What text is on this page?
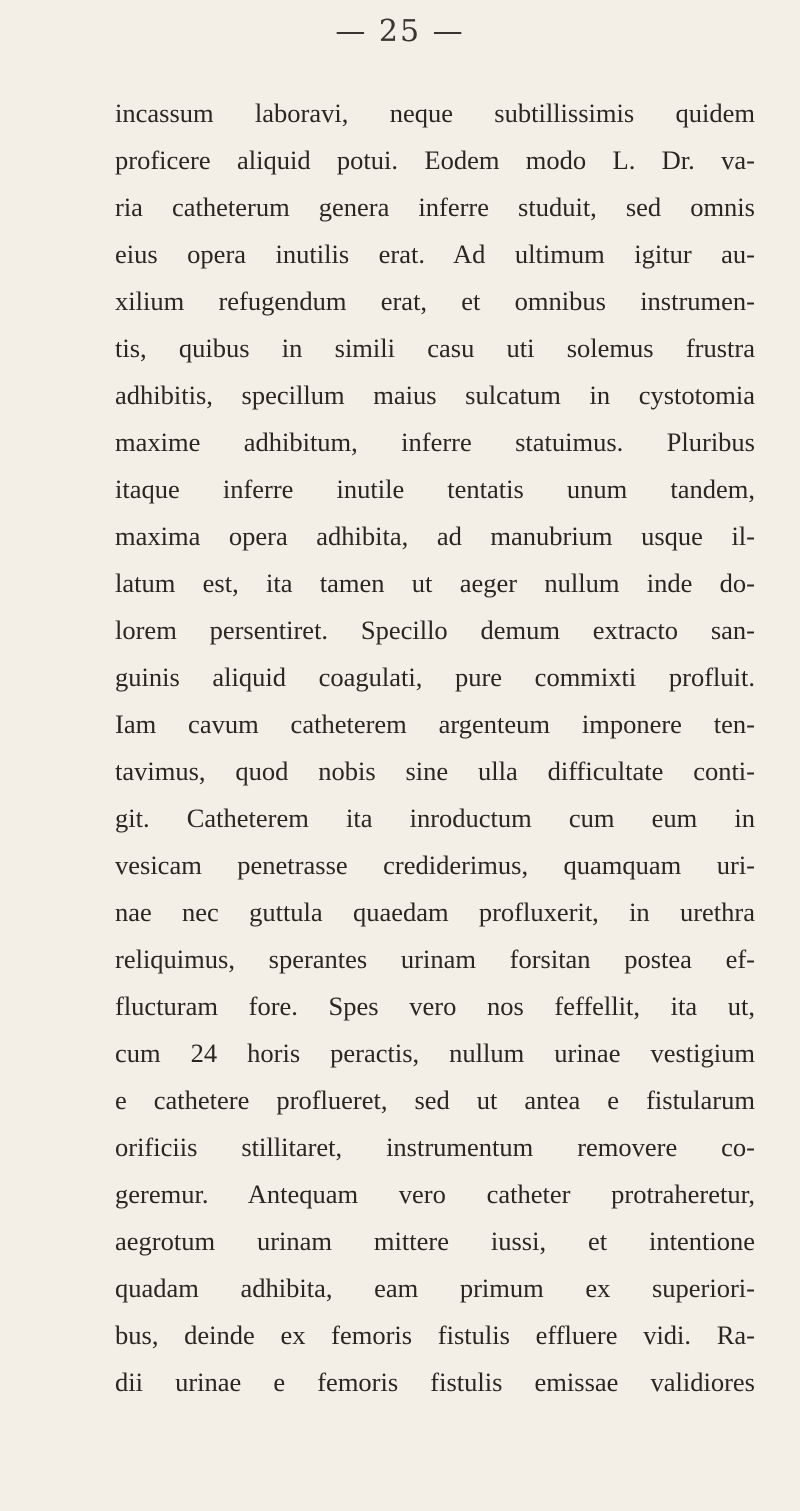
— 25 —
incassum laboravi, neque subtillissimis quidem
proficere aliquid potui. Eodem modo L. Dr. va-
ria catheterum genera inferre studuit, sed omnis
eius opera inutilis erat. Ad ultimum igitur au-
xilium refugendum erat, et omnibus instrumen-
tis, quibus in simili casu uti solemus frustra
adhibitis, specillum maius sulcatum in cystotomia
maxime adhibitum, inferre statuimus. Pluribus
itaque inferre inutile tentatis unum tandem,
maxima opera adhibita, ad manubrium usque il-
latum est, ita tamen ut aeger nullum inde do-
lorem persentiret. Specillo demum extracto san-
guinis aliquid coagulati, pure commixti profluit.
Iam cavum catheterem argenteum imponere ten-
tavimus, quod nobis sine ulla difficultate conti-
git. Catheterem ita inroductum cum eum in
vesicam penetrasse crediderimus, quamquam uri-
nae nec guttula quaedam profluxerit, in urethra
reliquimus, sperantes urinam forsitan postea ef-
flucturam fore. Spes vero nos feffellit, ita ut,
cum 24 horis peractis, nullum urinae vestigium
e cathetere proflueret, sed ut antea e fistularum
orificiis stillitaret, instrumentum removere co-
geremur. Antequam vero catheter protraheretur,
aegrotum urinam mittere iussi, et intentione
quadam adhibita, eam primum ex superiori-
bus, deinde ex femoris fistulis effluere vidi. Ra-
dii urinae e femoris fistulis emissae validiores
